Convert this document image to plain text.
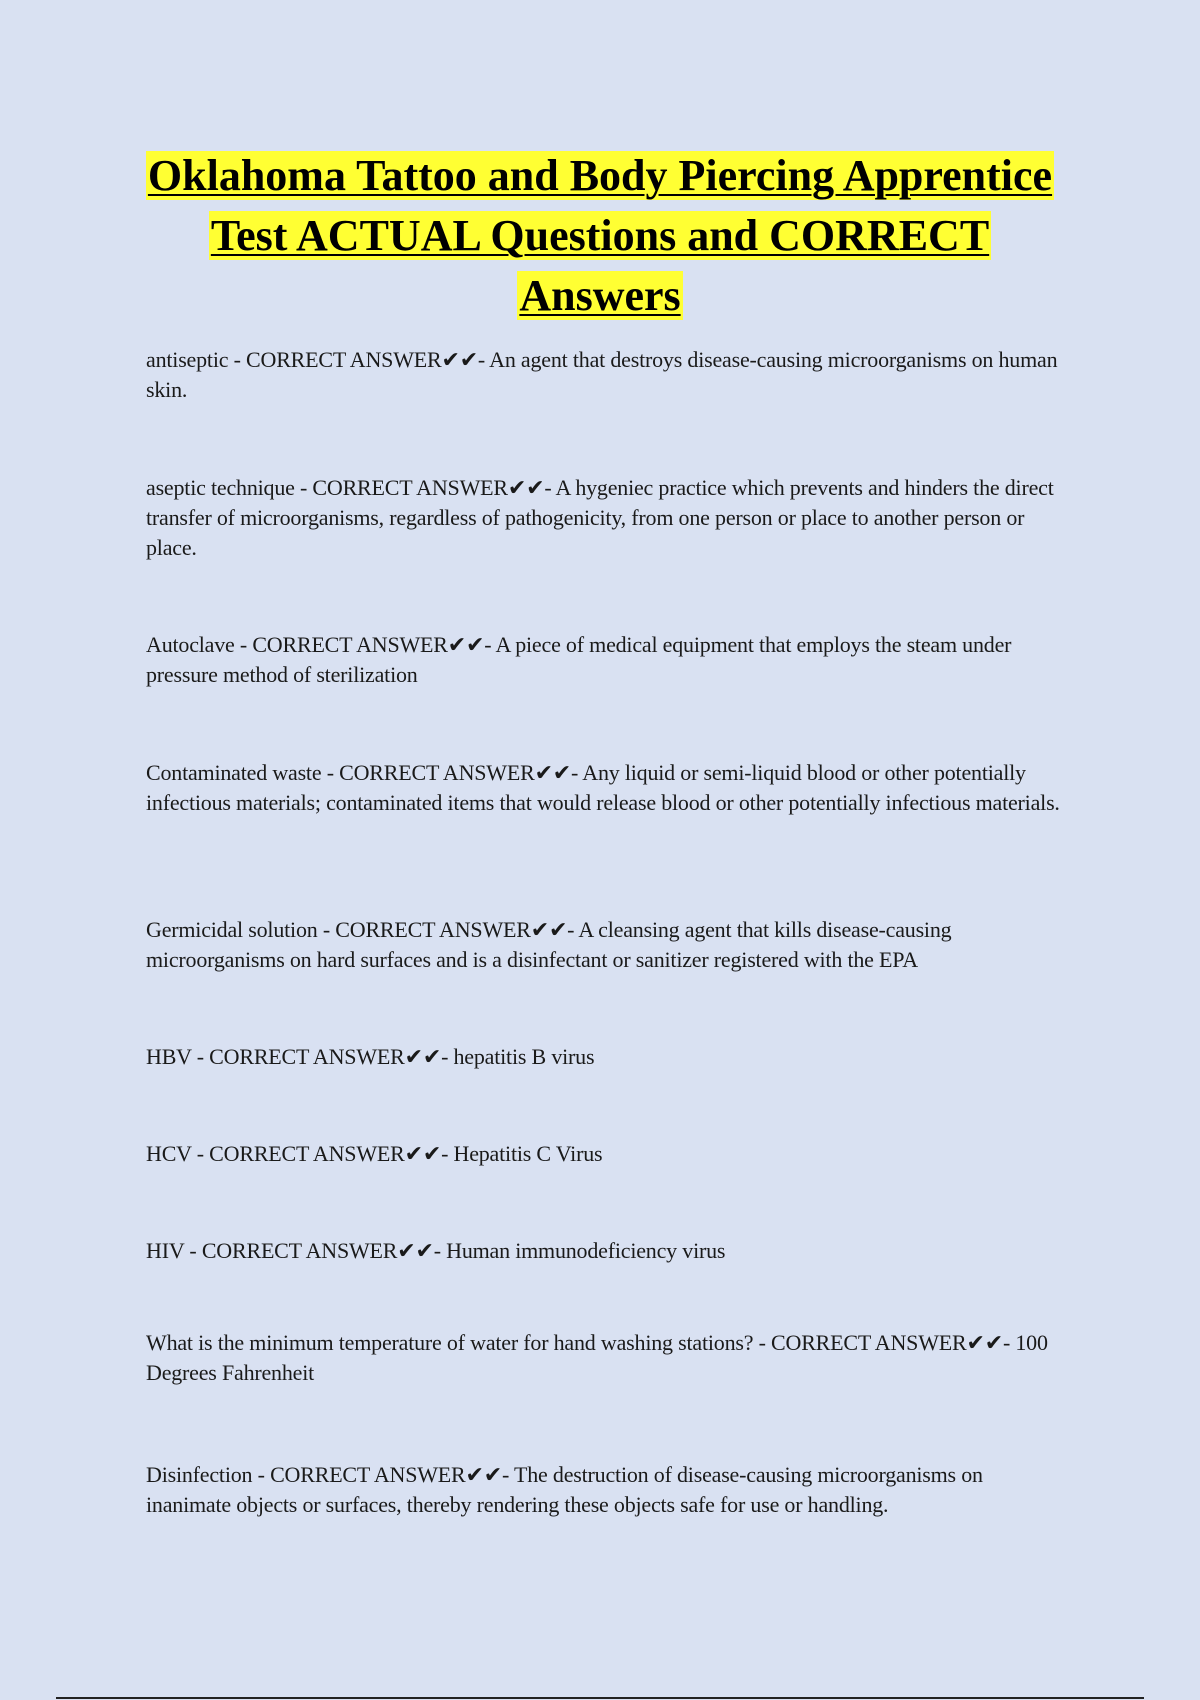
Oklahoma Tattoo and Body Piercing Apprentice Test ACTUAL Questions and CORRECT Answers

antiseptic - CORRECT ANSWER✔✔- An agent that destroys disease-causing microorganisms on human skin.

aseptic technique - CORRECT ANSWER✔✔- A hygeniec practice which prevents and hinders the direct transfer of microorganisms, regardless of pathogenicity, from one person or place to another person or place.

Autoclave - CORRECT ANSWER✔✔- A piece of medical equipment that employs the steam under pressure method of sterilization

Contaminated waste - CORRECT ANSWER✔✔- Any liquid or semi-liquid blood or other potentially infectious materials; contaminated items that would release blood or other potentially infectious materials.

Germicidal solution - CORRECT ANSWER✔✔- A cleansing agent that kills disease-causing microorganisms on hard surfaces and is a disinfectant or sanitizer registered with the EPA

HBV - CORRECT ANSWER✔✔- hepatitis B virus

HCV - CORRECT ANSWER✔✔- Hepatitis C Virus

HIV - CORRECT ANSWER✔✔- Human immunodeficiency virus

What is the minimum temperature of water for hand washing stations? - CORRECT ANSWER✔✔- 100 Degrees Fahrenheit

Disinfection - CORRECT ANSWER✔✔- The destruction of disease-causing microorganisms on inanimate objects or surfaces, thereby rendering these objects safe for use or handling.
